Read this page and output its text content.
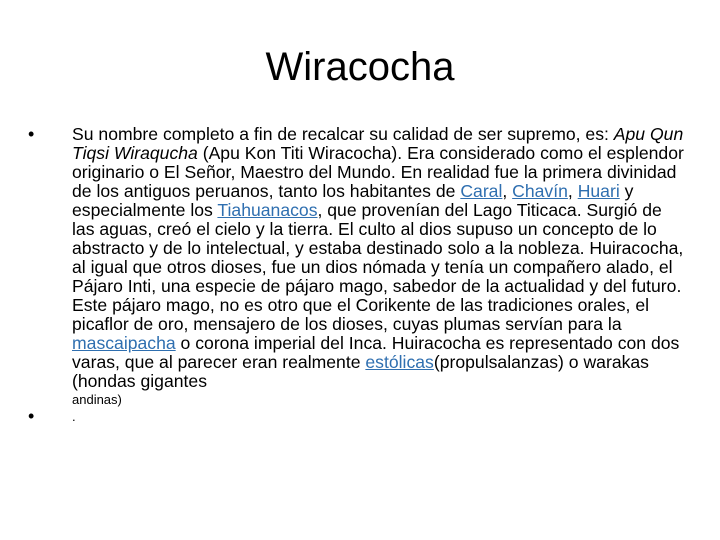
Wiracocha
• Su nombre completo a fin de recalcar su calidad de ser supremo, es: Apu Qun Tiqsi Wiraqucha (Apu Kon Titi Wiracocha). Era considerado como el esplendor originario o El Señor, Maestro del Mundo. En realidad fue la primera divinidad de los antiguos peruanos, tanto los habitantes de Caral, Chavín, Huari y especialmente los Tiahuanacos, que provenían del Lago Titicaca. Surgió de las aguas, creó el cielo y la tierra. El culto al dios supuso un concepto de lo abstracto y de lo intelectual, y estaba destinado solo a la nobleza. Huiracocha, al igual que otros dioses, fue un dios nómada y tenía un compañero alado, el Pájaro Inti, una especie de pájaro mago, sabedor de la actualidad y del futuro. Este pájaro mago, no es otro que el Corikente de las tradiciones orales, el picaflor de oro, mensajero de los dioses, cuyas plumas servían para la mascaipacha o corona imperial del Inca. Huiracocha es representado con dos varas, que al parecer eran realmente estólicas(propulsalanzas) o warakas (hondas gigantes

andinas)

•	.
